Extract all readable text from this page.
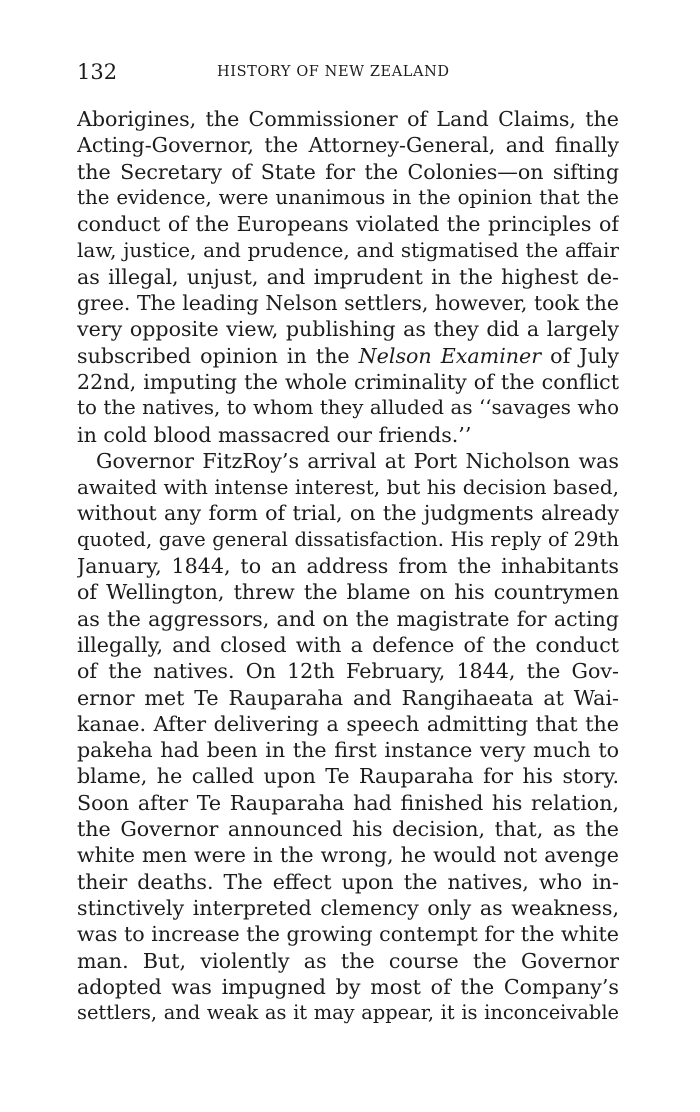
132	HISTORY OF NEW ZEALAND
Aborigines, the Commissioner of Land Claims, the
Acting-Governor, the Attorney-General, and finally
the Secretary of State for the Colonies—on sifting
the evidence, were unanimous in the opinion that the
conduct of the Europeans violated the principles of
law, justice, and prudence, and stigmatised the affair
as illegal, unjust, and imprudent in the highest de-
gree. The leading Nelson settlers, however, took the
very opposite view, publishing as they did a largely
subscribed opinion in the Nelson Examiner of July
22nd, imputing the whole criminality of the conflict
to the natives, to whom they alluded as ‘‘savages who
in cold blood massacred our friends.’’
Governor FitzRoy’s arrival at Port Nicholson was
awaited with intense interest, but his decision based,
without any form of trial, on the judgments already
quoted, gave general dissatisfaction. His reply of 29th
January, 1844, to an address from the inhabitants
of Wellington, threw the blame on his countrymen
as the aggressors, and on the magistrate for acting
illegally, and closed with a defence of the conduct
of the natives. On 12th February, 1844, the Gov-
ernor met Te Rauparaha and Rangihaeata at Wai-
kanae. After delivering a speech admitting that the
pakeha had been in the first instance very much to
blame, he called upon Te Rauparaha for his story.
Soon after Te Rauparaha had finished his relation,
the Governor announced his decision, that, as the
white men were in the wrong, he would not avenge
their deaths. The effect upon the natives, who in-
stinctively interpreted clemency only as weakness,
was to increase the growing contempt for the white
man. But, violently as the course the Governor
adopted was impugned by most of the Company’s
settlers, and weak as it may appear, it is inconceivable
